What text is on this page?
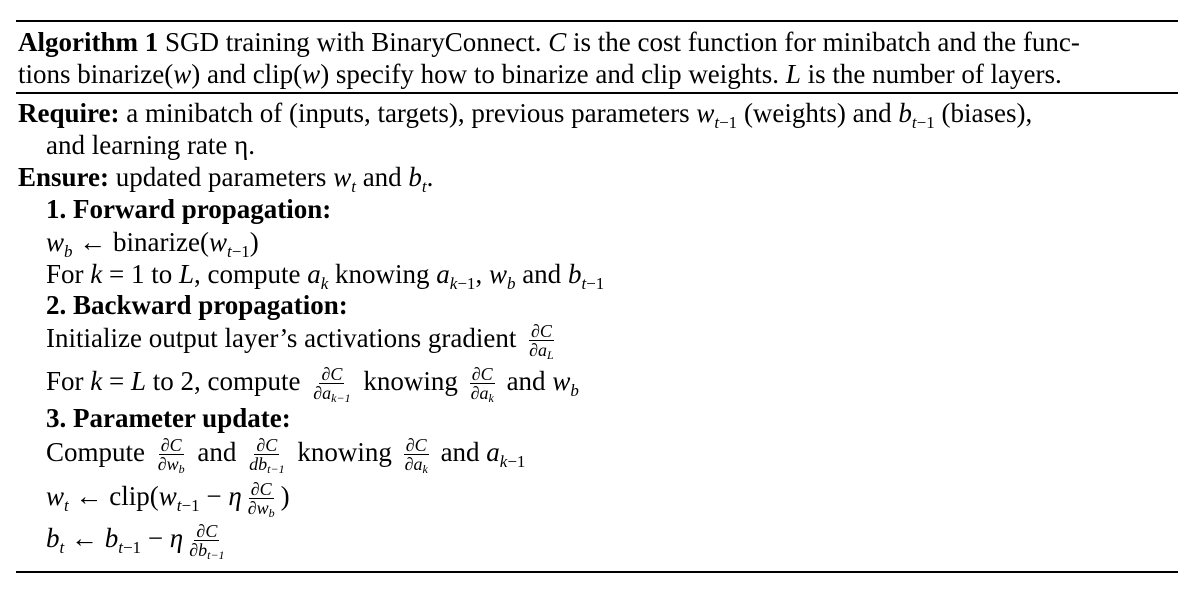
Algorithm 1 SGD training with BinaryConnect. C is the cost function for minibatch and the func-
tions binarize(w) and clip(w) specify how to binarize and clip weights. L is the number of layers.
Require: a minibatch of (inputs, targets), previous parameters $w_{t-1}$ (weights) and $b_{t-1}$ (biases),
and learning rate η.
Ensure: updated parameters $w_t$ and $b_t$.
1. Forward propagation:
$w_b$ ← $binarize(w_{t-1})$
For k = 1 to L, compute $a_k$ knowing $a_{k-1}$, $w_b$ and $b_{t-1}$
2. Backward propagation:
Initialize output layer’s activations gradient $\frac{\partial C}{\partial a_L}$
For k = L to 2, compute $\frac{\partial C}{\partial a_{k-1}}$ knowing $\frac{\partial C}{\partial a_k}$ and $w_b$
3. Parameter update:
Compute $\frac{\partial C}{\partial w_b}$ and $\frac{\partial C}{db_{t-1}}$ knowing $\frac{\partial C}{\partial a_k}$ and $a_{k-1}$
$w_t$ ← $clip(w_{t-1} - \eta \frac{\partial C}{\partial w_b}$ )
$b_t$ ← $b_{t-1} - \eta \frac{\partial C}{\partial b_{t-1}}$
